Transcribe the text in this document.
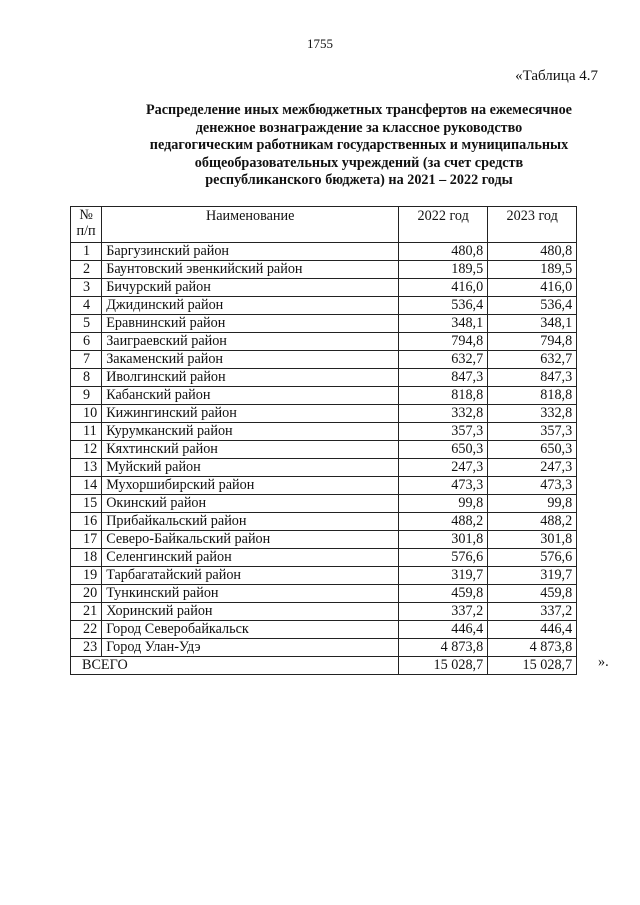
1755
«Таблица 4.7
Распределение иных межбюджетных трансфертов на ежемесячное
денежное вознаграждение за классное руководство
педагогическим работникам государственных и муниципальных
общеобразовательных учреждений (за счет средств
республиканского бюджета) на 2021 – 2022 годы
№
п/п	Наименование	2022 год	2023 год
1	Баргузинский район	480,8	480,8
2	Баунтовский эвенкийский район	189,5	189,5
3	Бичурский район	416,0	416,0
4	Джидинский район	536,4	536,4
5	Еравнинский район	348,1	348,1
6	Заиграевский район	794,8	794,8
7	Закаменский район	632,7	632,7
8	Иволгинский район	847,3	847,3
9	Кабанский район	818,8	818,8
10	Кижингинский район	332,8	332,8
11	Курумканский район	357,3	357,3
12	Кяхтинский район	650,3	650,3
13	Муйский район	247,3	247,3
14	Мухоршибирский район	473,3	473,3
15	Окинский район	99,8	99,8
16	Прибайкальский район	488,2	488,2
17	Северо-Байкальский район	301,8	301,8
18	Селенгинский район	576,6	576,6
19	Тарбагатайский район	319,7	319,7
20	Тункинский район	459,8	459,8
21	Хоринский район	337,2	337,2
22	Город Северобайкальск	446,4	446,4
23	Город Улан-Удэ	4 873,8	4 873,8
ВСЕГО		15 028,7	15 028,7 ».
